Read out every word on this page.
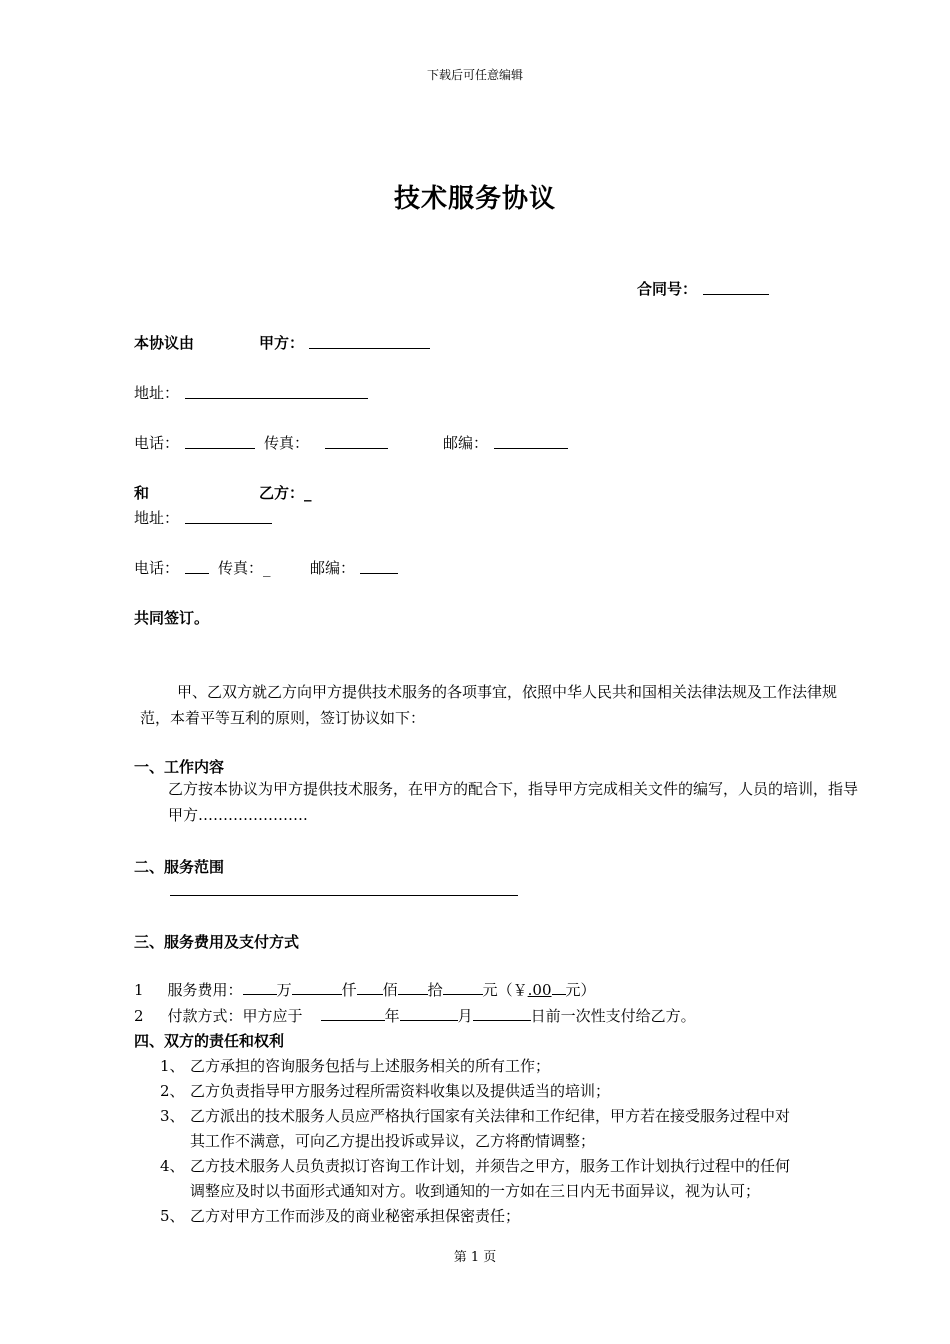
下载后可任意编辑
技术服务协议
合同号：
本协议由	甲方：
地址：
电话：	传真：	邮编：
和	乙方：_
地址：
电话：	传真：_	邮编：
共同签订。
甲、乙双方就乙方向甲方提供技术服务的各项事宜，依照中华人民共和国相关法律法规及工作法律规范，本着平等互利的原则，签订协议如下：
一、工作内容
乙方按本协议为甲方提供技术服务，在甲方的配合下，指导甲方完成相关文件的编写，人员的培训，指导甲方………………….
二、服务范围
三、服务费用及支付方式
1 服务费用： 万	仟 佰 拾	元（￥.00 元）
2 付款方式：甲方应于	年	月	日前一次性支付给乙方。
四、双方的责任和权利
1、 乙方承担的咨询服务包括与上述服务相关的所有工作；
2、 乙方负责指导甲方服务过程所需资料收集以及提供适当的培训；
3、 乙方派出的技术服务人员应严格执行国家有关法律和工作纪律，甲方若在接受服务过程中对
其工作不满意，可向乙方提出投诉或异议，乙方将酌情调整；
4、 乙方技术服务人员负责拟订咨询工作计划，并须告之甲方，服务工作计划执行过程中的任何
调整应及时以书面形式通知对方。收到通知的一方如在三日内无书面异议，视为认可；
5、 乙方对甲方工作而涉及的商业秘密承担保密责任；
第 1 页
